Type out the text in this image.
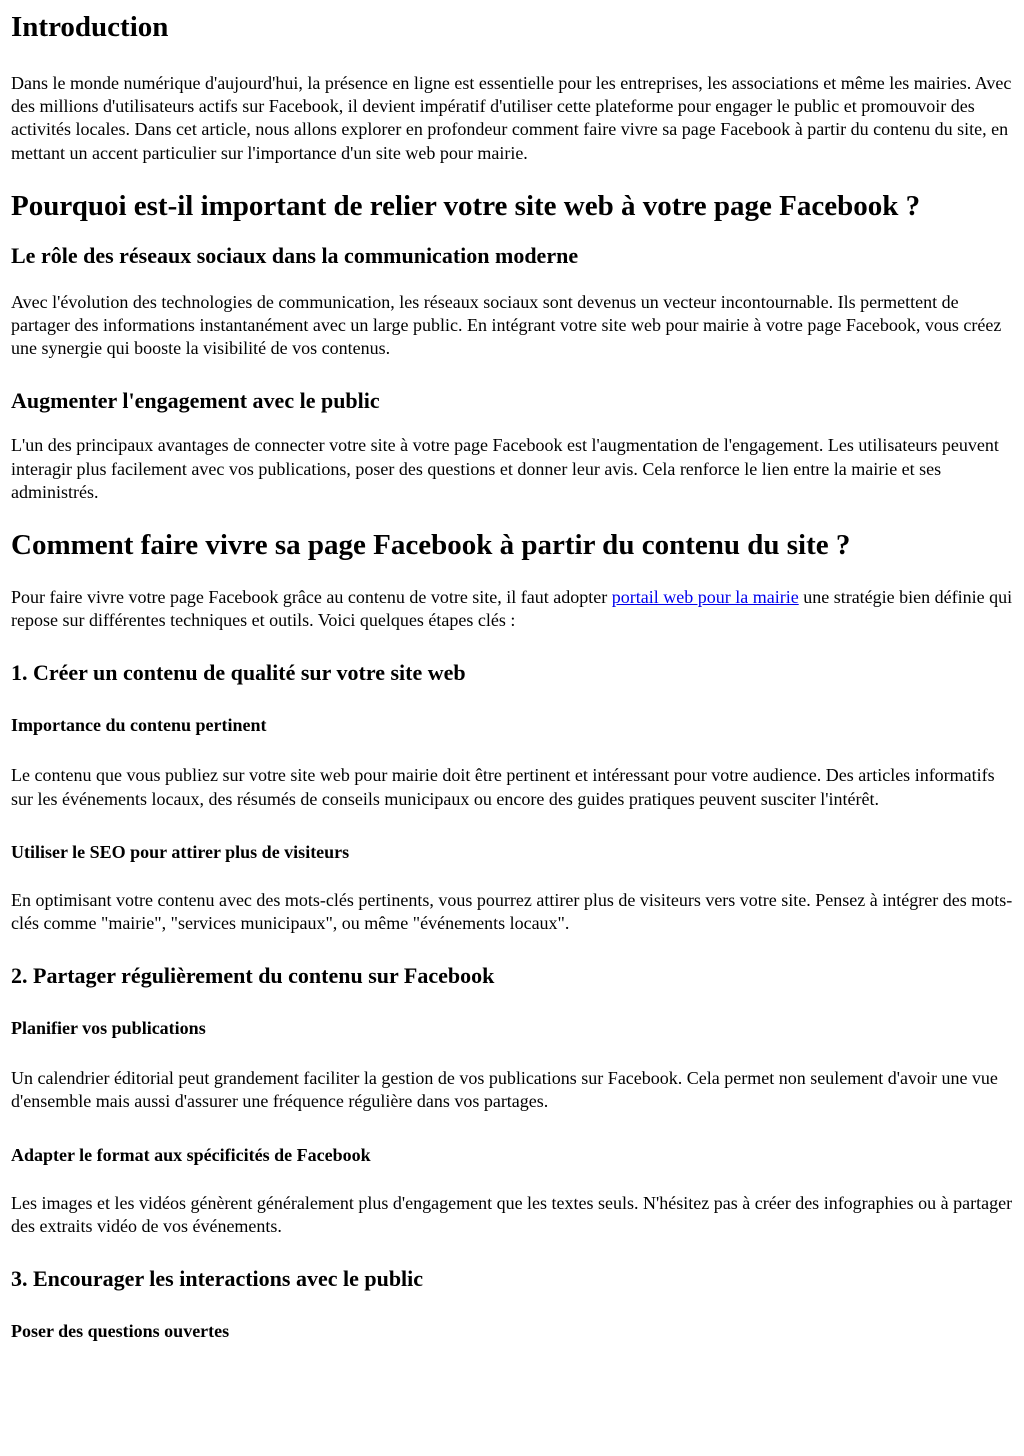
Introduction

Dans le monde numérique d'aujourd'hui, la présence en ligne est essentielle pour les entreprises, les associations et même les mairies. Avec des millions d'utilisateurs actifs sur Facebook, il devient impératif d'utiliser cette plateforme pour engager le public et promouvoir des activités locales. Dans cet article, nous allons explorer en profondeur comment faire vivre sa page Facebook à partir du contenu du site, en mettant un accent particulier sur l'importance d'un site web pour mairie.

Pourquoi est-il important de relier votre site web à votre page Facebook ?
Le rôle des réseaux sociaux dans la communication moderne

Avec l'évolution des technologies de communication, les réseaux sociaux sont devenus un vecteur incontournable. Ils permettent de partager des informations instantanément avec un large public. En intégrant votre site web pour mairie à votre page Facebook, vous créez une synergie qui booste la visibilité de vos contenus.

Augmenter l'engagement avec le public

L'un des principaux avantages de connecter votre site à votre page Facebook est l'augmentation de l'engagement. Les utilisateurs peuvent interagir plus facilement avec vos publications, poser des questions et donner leur avis. Cela renforce le lien entre la mairie et ses administrés.

Comment faire vivre sa page Facebook à partir du contenu du site ?

Pour faire vivre votre page Facebook grâce au contenu de votre site, il faut adopter portail web pour la mairie une stratégie bien définie qui repose sur différentes techniques et outils. Voici quelques étapes clés :

1. Créer un contenu de qualité sur votre site web
Importance du contenu pertinent

Le contenu que vous publiez sur votre site web pour mairie doit être pertinent et intéressant pour votre audience. Des articles informatifs sur les événements locaux, des résumés de conseils municipaux ou encore des guides pratiques peuvent susciter l'intérêt.

Utiliser le SEO pour attirer plus de visiteurs

En optimisant votre contenu avec des mots-clés pertinents, vous pourrez attirer plus de visiteurs vers votre site. Pensez à intégrer des mots-clés comme "mairie", "services municipaux", ou même "événements locaux".

2. Partager régulièrement du contenu sur Facebook
Planifier vos publications

Un calendrier éditorial peut grandement faciliter la gestion de vos publications sur Facebook. Cela permet non seulement d'avoir une vue d'ensemble mais aussi d'assurer une fréquence régulière dans vos partages.

Adapter le format aux spécificités de Facebook

Les images et les vidéos génèrent généralement plus d'engagement que les textes seuls. N'hésitez pas à créer des infographies ou à partager des extraits vidéo de vos événements.

3. Encourager les interactions avec le public
Poser des questions ouvertes
